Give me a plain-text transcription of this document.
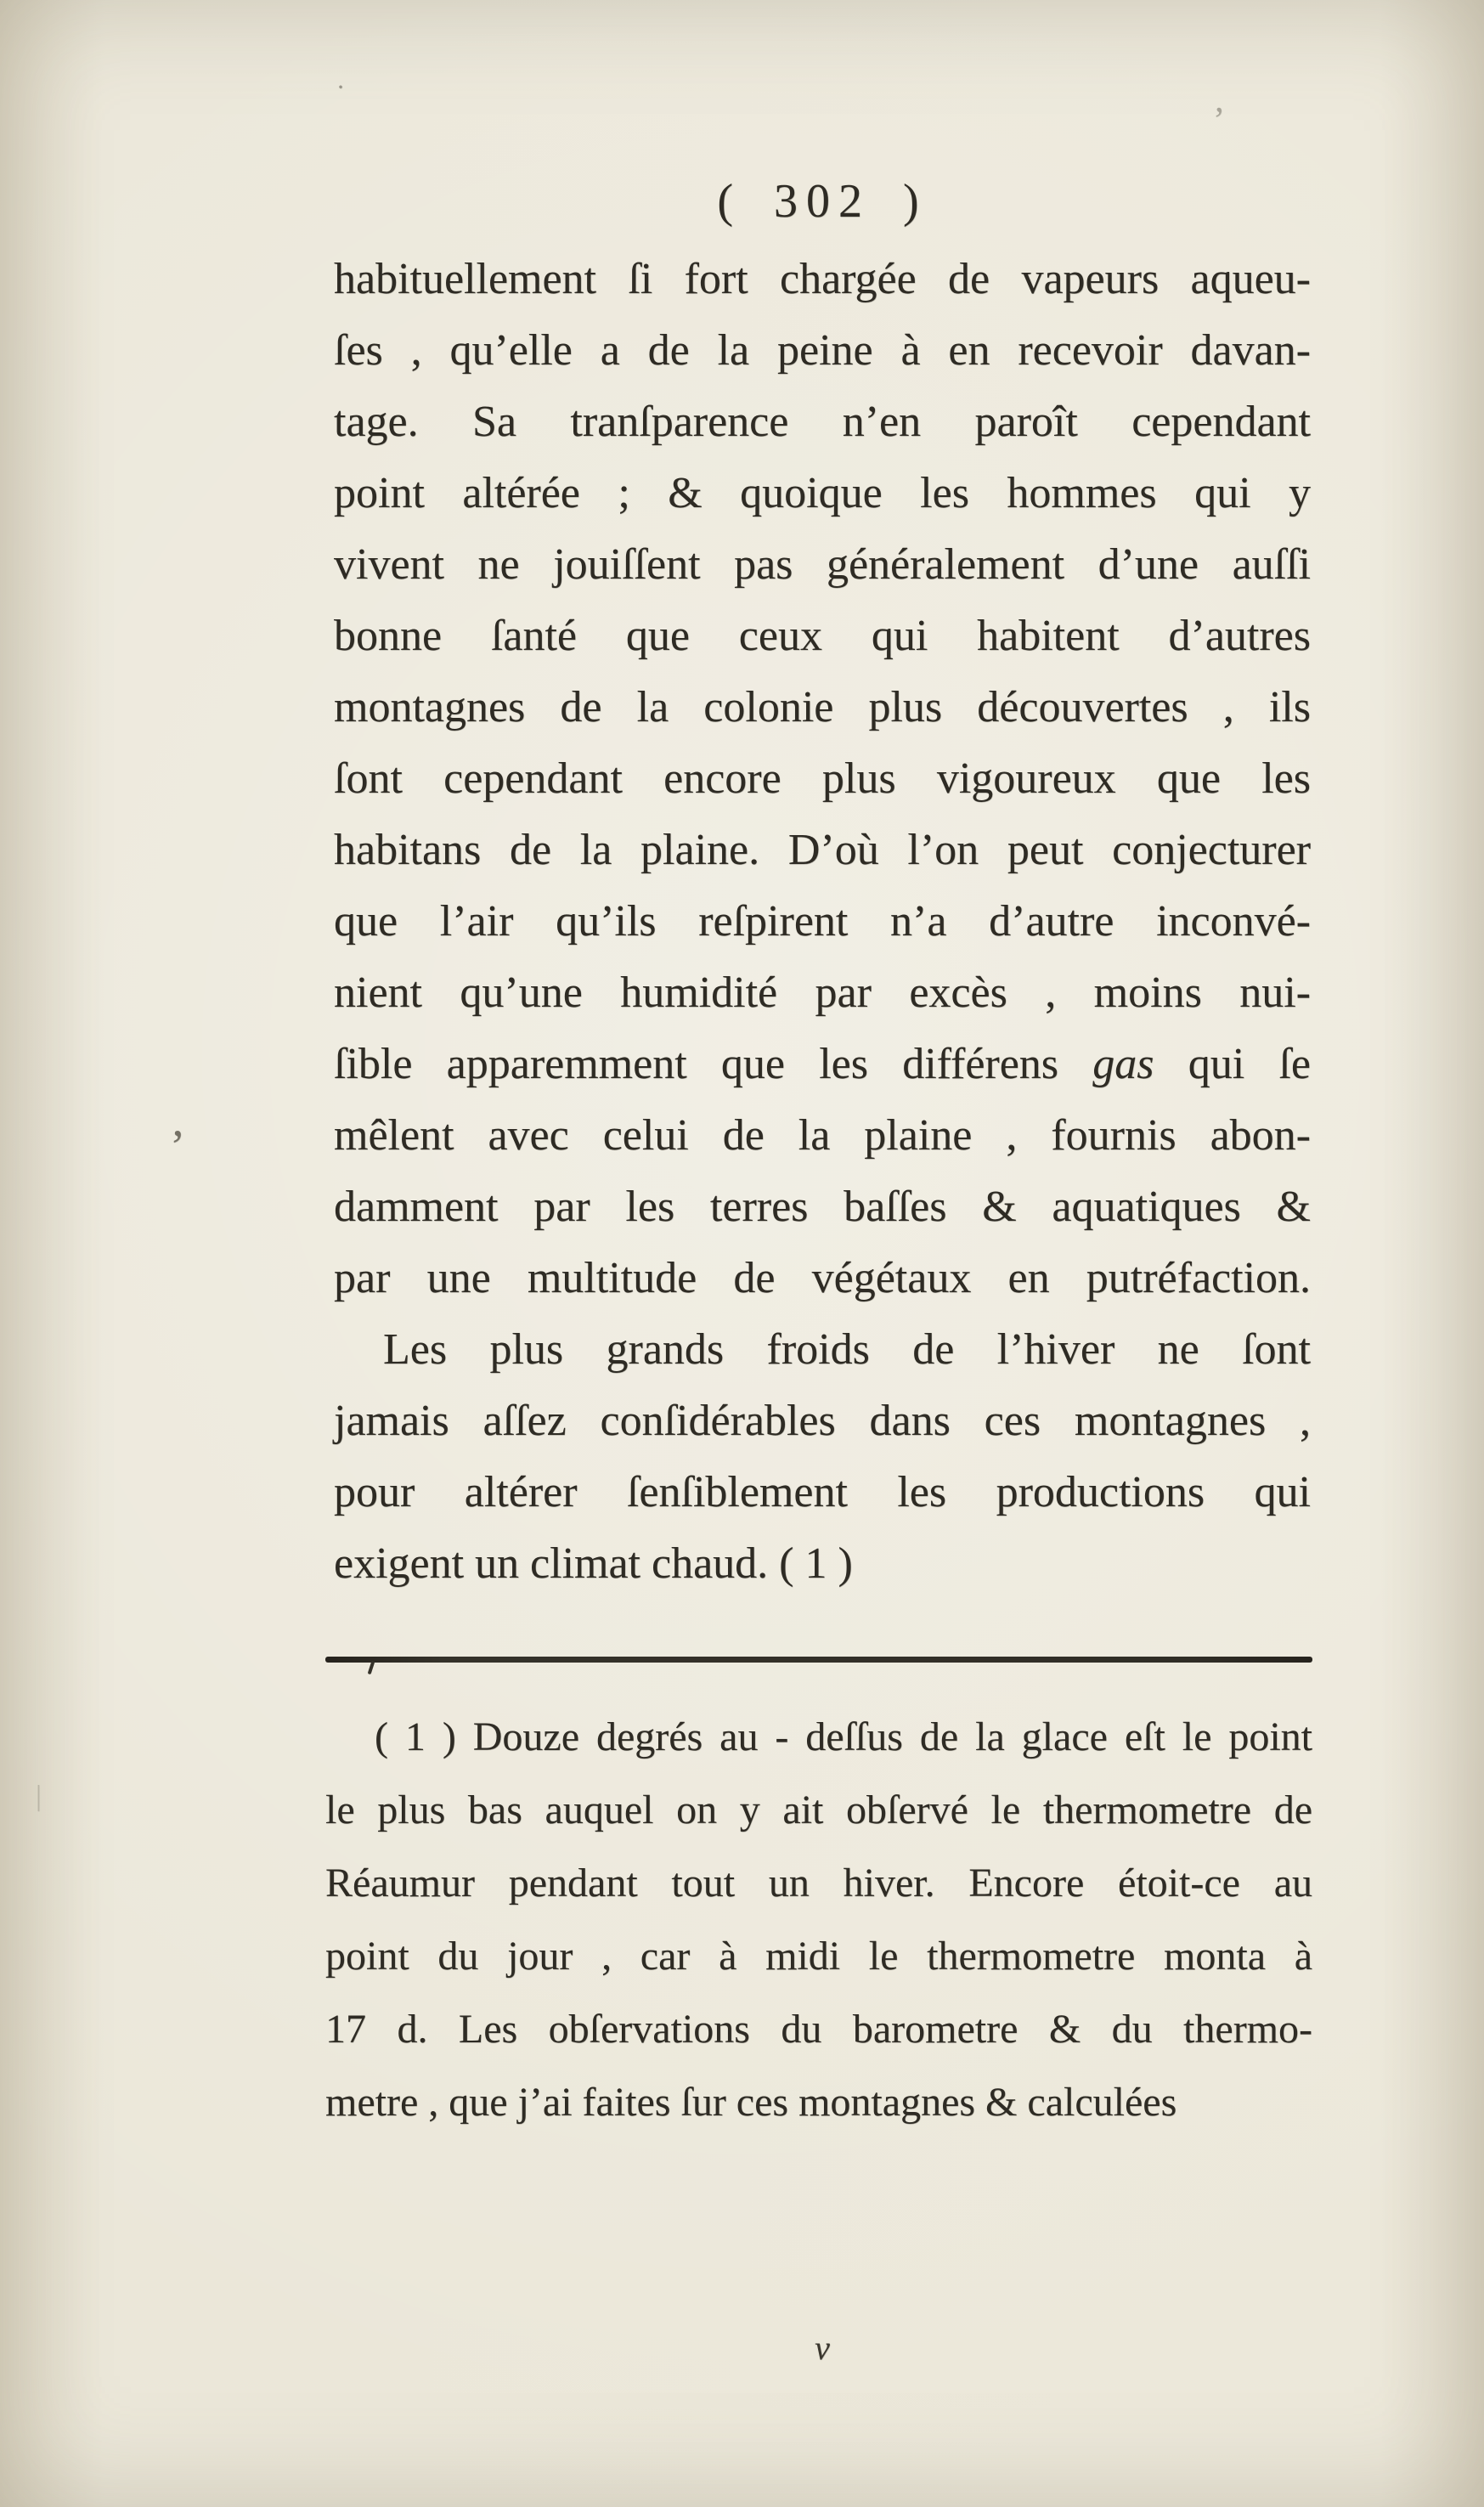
( 302 )
habituellement ſi fort chargée de vapeurs aqueu-
ſes , qu’elle a de la peine à en recevoir davan-
tage. Sa tranſparence n’en paroît cependant
point altérée ; & quoique les hommes qui y
vivent ne jouiſſent pas généralement d’une auſſi
bonne ſanté que ceux qui habitent d’autres
montagnes de la colonie plus découvertes , ils
ſont cependant encore plus vigoureux que les
habitans de la plaine. D’où l’on peut conjecturer
que l’air qu’ils reſpirent n’a d’autre inconvé-
nient qu’une humidité par excès , moins nui-
ſible apparemment que les différens gas qui ſe
mêlent avec celui de la plaine , fournis abon-
damment par les terres baſſes & aquatiques &
par une multitude de végétaux en putréfaction.
Les plus grands froids de l’hiver ne ſont
jamais aſſez conſidérables dans ces montagnes ,
pour altérer ſenſiblement les productions qui
exigent un climat chaud. ( 1 )
( 1 ) Douze degrés au - deſſus de la glace eſt le point
le plus bas auquel on y ait obſervé le thermometre de
Réaumur pendant tout un hiver. Encore étoit-ce au
point du jour , car à midi le thermometre monta à
17 d. Les obſervations du barometre & du thermo-
metre , que j’ai faites ſur ces montagnes & calculées
v
·
’
’
|
